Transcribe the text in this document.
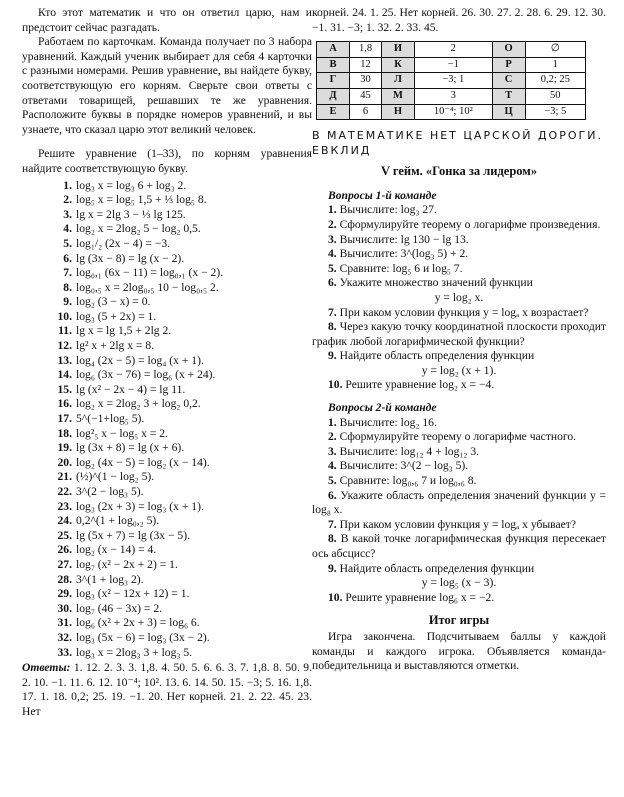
Кто этот математик и что он ответил царю, нам и предстоит сейчас разгадать.

Работаем по карточкам. Команда получает по 3 набора уравнений. Каждый ученик выбирает для себя 4 карточки с разными номерами. Решив уравнение, вы найдете букву, соответствующую его корням. Сверьте свои ответы с ответами товарищей, решавших те же уравнения. Расположите буквы в порядке номеров уравнений, и вы узнаете, что сказал царю этот великий человек.

Решите уравнение (1–33), по корням уравнения найдите соответствующую букву.

1. log₃ x = log₃ 6 + log₃ 2.
2. log₅ x = log₅ 1,5 + ⅓ log₅ 8.
3. lg x = 2lg 3 − ⅓ lg 125.
4. log₂ x = 2log₂ 5 − log₂ 0,5.
5. log₁/₂ (2x − 4) = −3.
6. lg (3x − 8) = lg (x − 2).
7. log₀,₁ (6x − 11) = log₀,₁ (x − 2).
8. log₀,₅ x = 2log₀,₅ 10 − log₀,₅ 2.
9. log₂ (3 − x) = 0.
10. log₃ (5 + 2x) = 1.
11. lg x = lg 1,5 + 2lg 2.
12. lg² x + 2lg x = 8.
13. log₄ (2x − 5) = log₄ (x + 1).
14. log₆ (3x − 76) = log₆ (x + 24).
15. lg (x² − 2x − 4) = lg 11.
16. log₂ x = 2log₂ 3 + log₂ 0,2.
17. 5^(−1+log₅ 5).
18. log²₅ x − log₅ x = 2.
19. lg (3x + 8) = lg (x + 6).
20. log₂ (4x − 5) = log₂ (x − 14).
21. (½)^(1 − log₂ 5).
22. 3^(2 − log₃ 5).
23. log₃ (2x + 3) = log₃ (x + 1).
24. 0,2^(1 + log₀,₂ 5).
25. lg (5x + 7) = lg (3x − 5).
26. log₂ (x − 14) = 4.
27. log₇ (x² − 2x + 2) = 1.
28. 3^(1 + log₃ 2).
29. log₃ (x² − 12x + 12) = 1.
30. log₇ (46 − 3x) = 2.
31. log₆ (x² + 2x + 3) = log₆ 6.
32. log₃ (5x − 6) = log₃ (3x − 2).
33. log₃ x = 2log₃ 3 + log₃ 5.

Ответы: 1. 12. 2. 3. 3. 1,8. 4. 50. 5. 6. 6. 3. 7. 1,8. 8. 50. 9. 2. 10. −1. 11. 6. 12. 10⁻⁴; 10². 13. 6. 14. 50. 15. −3; 5. 16. 1,8. 17. 1. 18. 0,2; 25. 19. −1. 20. Нет корней. 21. 2. 22. 45. 23. Нет

корней. 24. 1. 25. Нет корней. 26. 30. 27. 2. 28. 6. 29. 12. 30. −1. 31. −3; 1. 32. 2. 33. 45.

А	1,8	И	2	О	∅
В	12	К	−1	Р	1
Г	30	Л	−3; 1	С	0,2; 25
Д	45	М	3	Т	50
Е	6	Н	10⁻⁴; 10²	Ц	−3; 5

В МАТЕМАТИКЕ НЕТ ЦАРСКОЙ ДОРОГИ. ЕВКЛИД

V гейм. «Гонка за лидером»
Вопросы 1-й команде

1. Вычислите: log₃ 27.

2. Сформулируйте теорему о логарифме произведения.

3. Вычислите: lg 130 − lg 13.

4. Вычислите: 3^(log₃ 5) + 2.

5. Сравните: log₅ 6 и log₅ 7.

6. Укажите множество значений функции

y = log₂ x.

7. При каком условии функция y = logₐ x возрастает?

8. Через какую точку координатной плоскости проходит график любой логарифмической функции?

9. Найдите область определения функции

y = log₂ (x + 1).

10. Решите уравнение log₂ x = −4.

Вопросы 2-й команде

1. Вычислите: log₂ 16.

2. Сформулируйте теорему о логарифме частного.

3. Вычислите: log₁₂ 4 + log₁₂ 3.

4. Вычислите: 3^(2 − log₃ 5).

5. Сравните: log₀,₆ 7 и log₀,₆ 8.

6. Укажите область определения значений функции y = log₈ x.

7. При каком условии функция y = logₐ x убывает?

8. В какой точке логарифмическая функция пересекает ось абсцисс?

9. Найдите область определения функции

y = log₅ (x − 3).

10. Решите уравнение log₆ x = −2.

Итог игры

Игра закончена. Подсчитываем баллы у каждой команды и каждого игрока. Объявляется команда-победительница и выставляются отметки.
